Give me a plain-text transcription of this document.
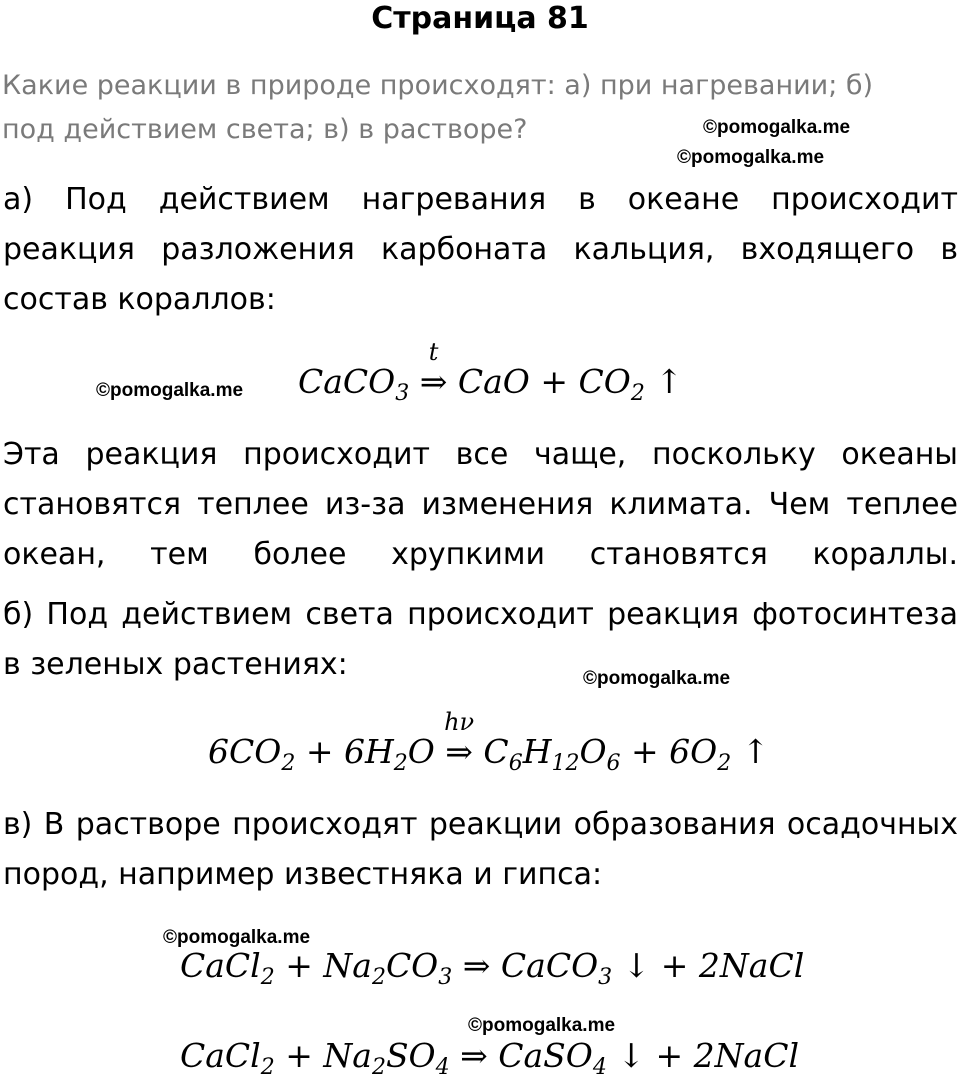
Страница 81
Какие реакции в природе происходят: а) при нагревании; б) под действием света; в) в растворе?	©pomogalka.me
©pomogalka.me
а) Под действием нагревания в океане происходит реакция разложения карбоната кальция, входящего в состав кораллов:
©pomogalka.me CaCO$_3$
t
⇒ CaO + $CO_2$ ↑
Эта реакция происходит все чаще, поскольку океаны становятся теплее из-за изменения климата. Чем теплее океан, тем более хрупкими становятся кораллы.
б) Под действием света происходит реакция фотосинтеза в зеленых растениях:	©pomogalka.me
$6CO_2 + 6H_2O$
hν
⇒ $C_6H_{12}O_6 + 6O_2$ ↑
в) В растворе происходят реакции образования осадочных пород, например известняка и гипса:
©pomogalka.me
CaCl$_2$ + $Na_2CO_3$ ⇒ CaCO$_3$ ↓ + 2NaCl
©pomogalka.me
CaCl$_2$ + $Na_2SO_4$ ⇒ CaSO$_4$ ↓ + 2NaCl
